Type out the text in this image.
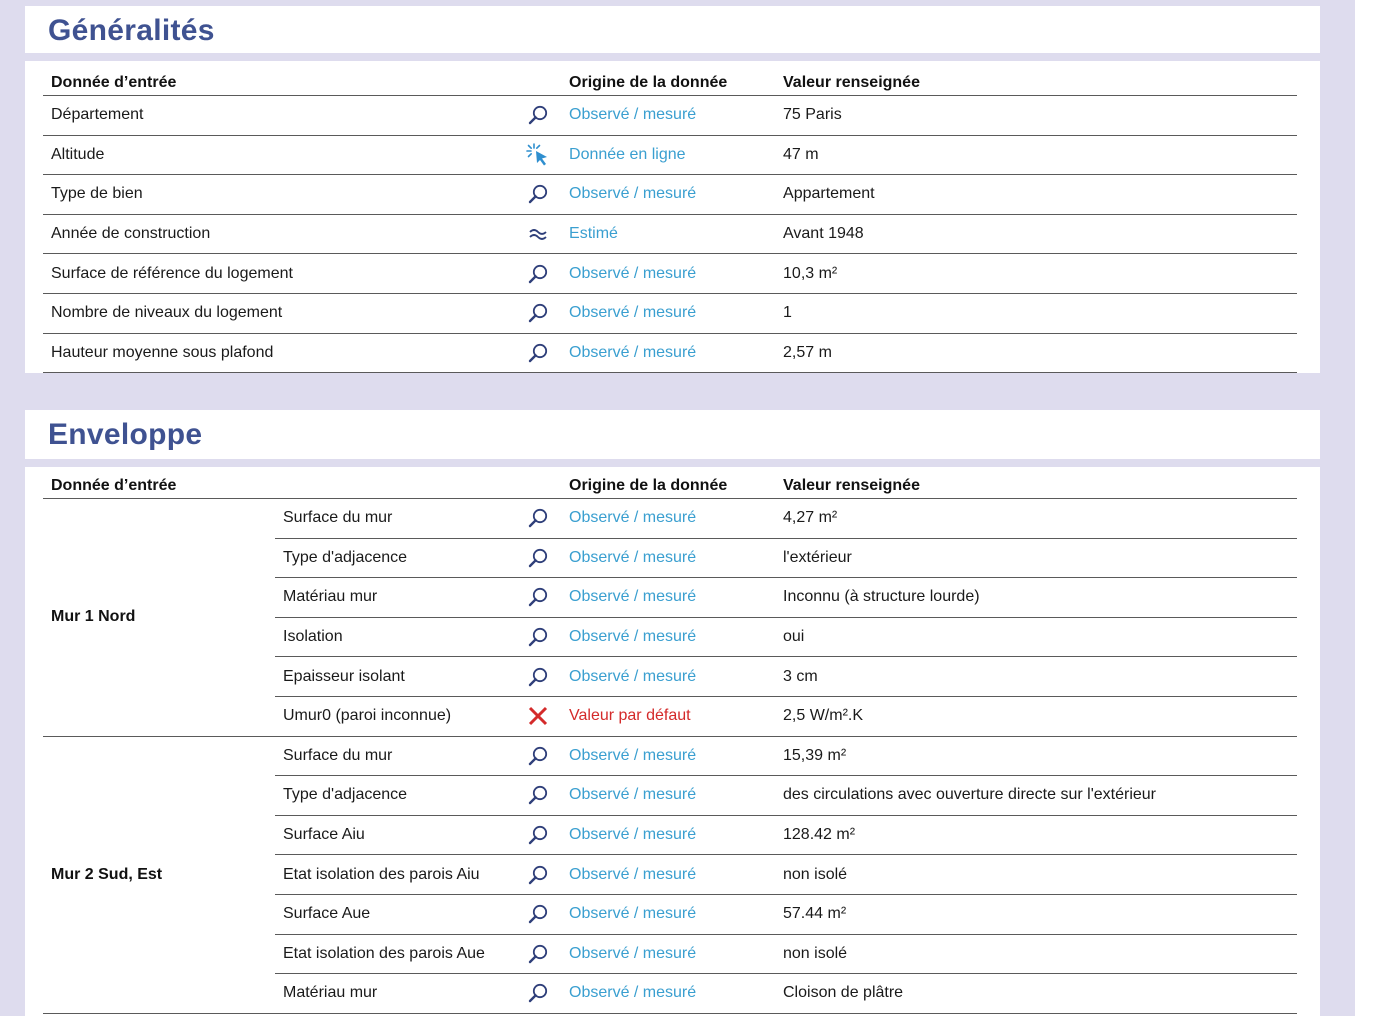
Généralités
Donnée d’entrée		Origine de la donnée	Valeur renseignée
Département		Observé / mesuré	75 Paris
Altitude		Donnée en ligne	47 m
Type de bien		Observé / mesuré	Appartement
Année de construction		Estimé	Avant 1948
Surface de référence du logement		Observé / mesuré	10,3 m²
Nombre de niveaux du logement		Observé / mesuré	1
Hauteur moyenne sous plafond		Observé / mesuré	2,57 m
Enveloppe
Donnée d’entrée			Origine de la donnée	Valeur renseignée
Mur 1 Nord	Surface du mur		Observé / mesuré	4,27 m²
	Type d'adjacence		Observé / mesuré	l'extérieur
	Matériau mur		Observé / mesuré	Inconnu (à structure lourde)
	Isolation		Observé / mesuré	oui
	Epaisseur isolant		Observé / mesuré	3 cm
	Umur0 (paroi inconnue)		Valeur par défaut	2,5 W/m².K
Mur 2 Sud, Est	Surface du mur		Observé / mesuré	15,39 m²
	Type d'adjacence		Observé / mesuré	des circulations avec ouverture directe sur l'extérieur
	Surface Aiu		Observé / mesuré	128.42 m²
	Etat isolation des parois Aiu		Observé / mesuré	non isolé
	Surface Aue		Observé / mesuré	57.44 m²
	Etat isolation des parois Aue		Observé / mesuré	non isolé
	Matériau mur		Observé / mesuré	Cloison de plâtre
